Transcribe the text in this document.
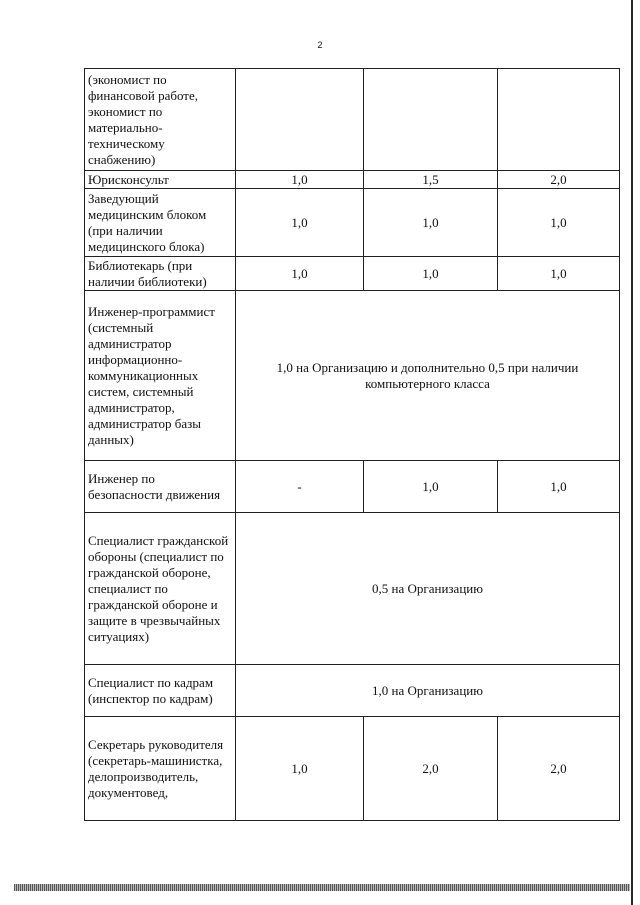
2
(экономист по финансовой работе, экономист по материально-техническому снабжению)			
Юрисконсульт	1,0	1,5	2,0
Заведующий медицинским блоком (при наличии медицинского блока)	1,0	1,0	1,0
Библиотекарь (при наличии библиотеки)	1,0	1,0	1,0
Инженер-программист (системный администратор информационно-коммуникационных систем, системный администратор, администратор базы данных)	1,0 на Организацию и дополнительно 0,5 при наличии компьютерного класса		
Инженер по безопасности движения	-	1,0	1,0
Специалист гражданской обороны (специалист по гражданской обороне, специалист по гражданской обороне и защите в чрезвычайных ситуациях)	0,5 на Организацию		
Специалист по кадрам (инспектор по кадрам)	1,0 на Организацию		
Секретарь руководителя (секретарь-машинистка, делопроизводитель, документовед,	1,0	2,0	2,0
